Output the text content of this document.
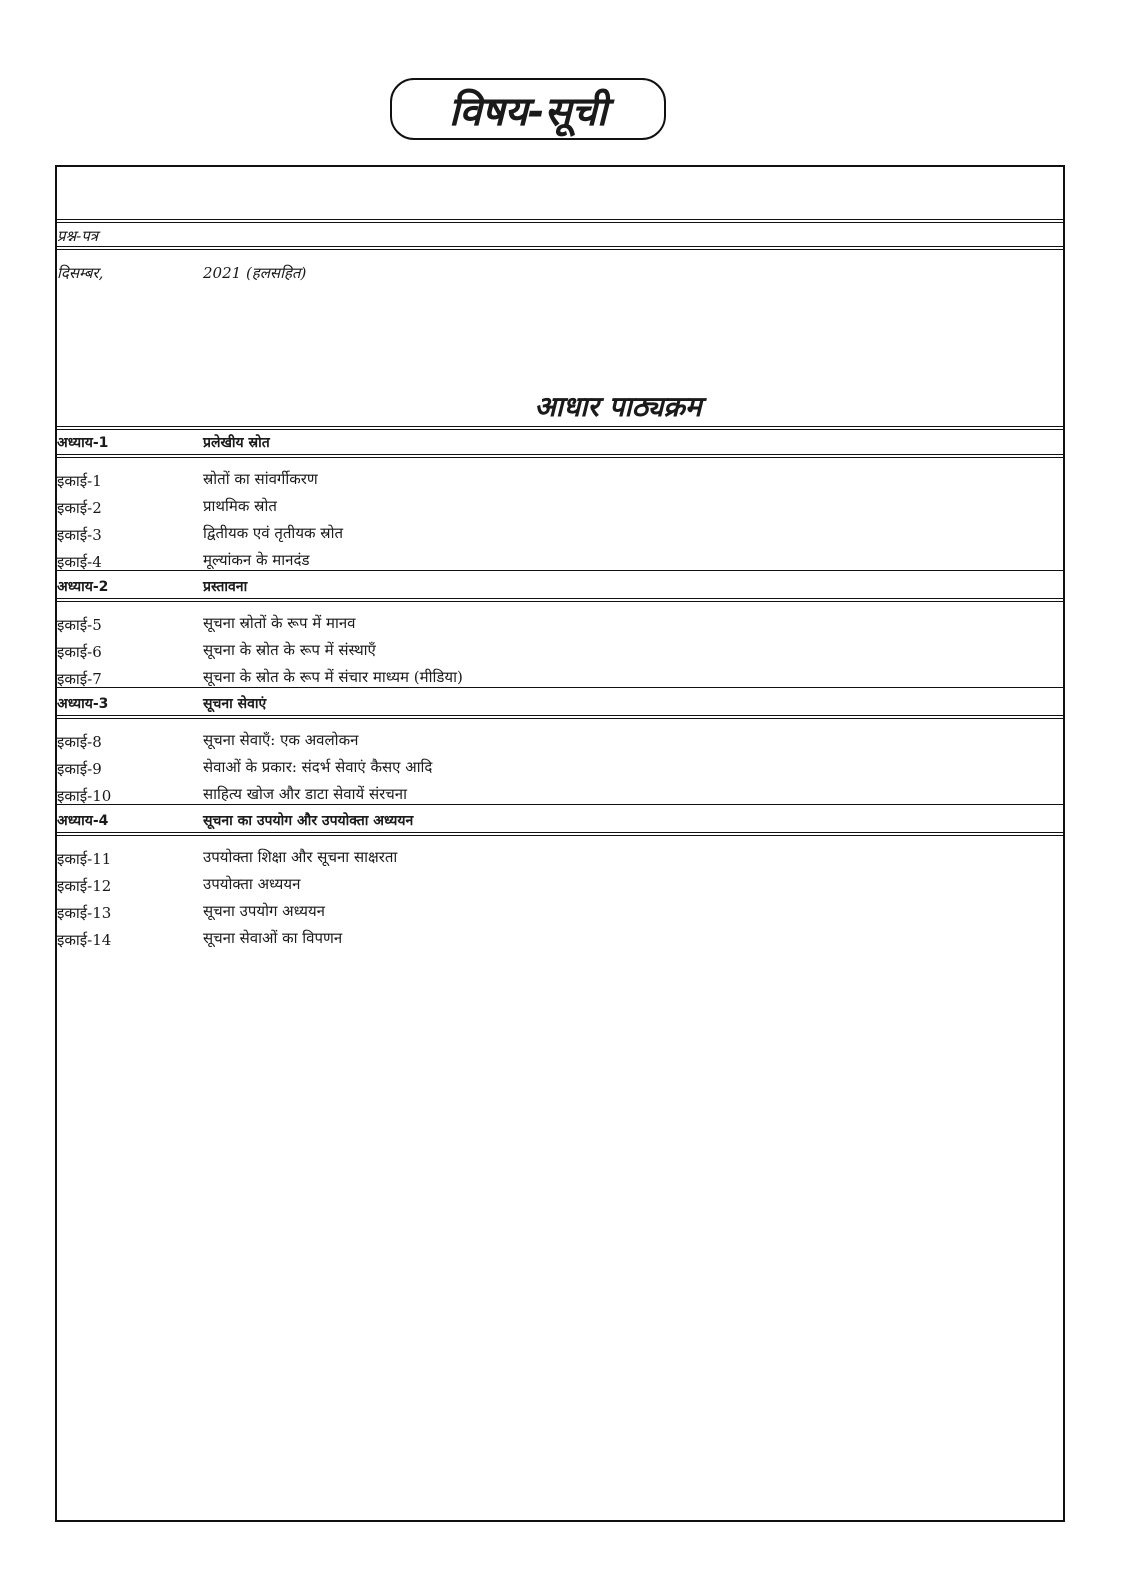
विषय-सूची
प्रश्न-पत्र
दिसम्बर,	2021 (हलसहित)
आधार पाठ्यक्रम
अध्याय-1	प्रलेखीय स्रोत
इकाई-1	स्रोतों का सांवर्गीकरण
इकाई-2	प्राथमिक स्रोत
इकाई-3	द्वितीयक एवं तृतीयक स्रोत
इकाई-4	मूल्यांकन के मानदंड
अध्याय-2	प्रस्तावना
इकाई-5	सूचना स्रोतों के रूप में मानव
इकाई-6	सूचना के स्रोत के रूप में संस्थाएँ
इकाई-7	सूचना के स्रोत के रूप में संचार माध्यम (मीडिया)
अध्याय-3	सूचना सेवाएं
इकाई-8	सूचना सेवाएँ: एक अवलोकन
इकाई-9	सेवाओं के प्रकार: संदर्भ सेवाएं कैसए आदि
इकाई-10	साहित्य खोज और डाटा सेवायें संरचना
अध्याय-4	सूचना का उपयोग और उपयोक्ता अध्ययन
इकाई-11	उपयोक्ता शिक्षा और सूचना साक्षरता
इकाई-12	उपयोक्ता अध्ययन
इकाई-13	सूचना उपयोग अध्ययन
इकाई-14	सूचना सेवाओं का विपणन
